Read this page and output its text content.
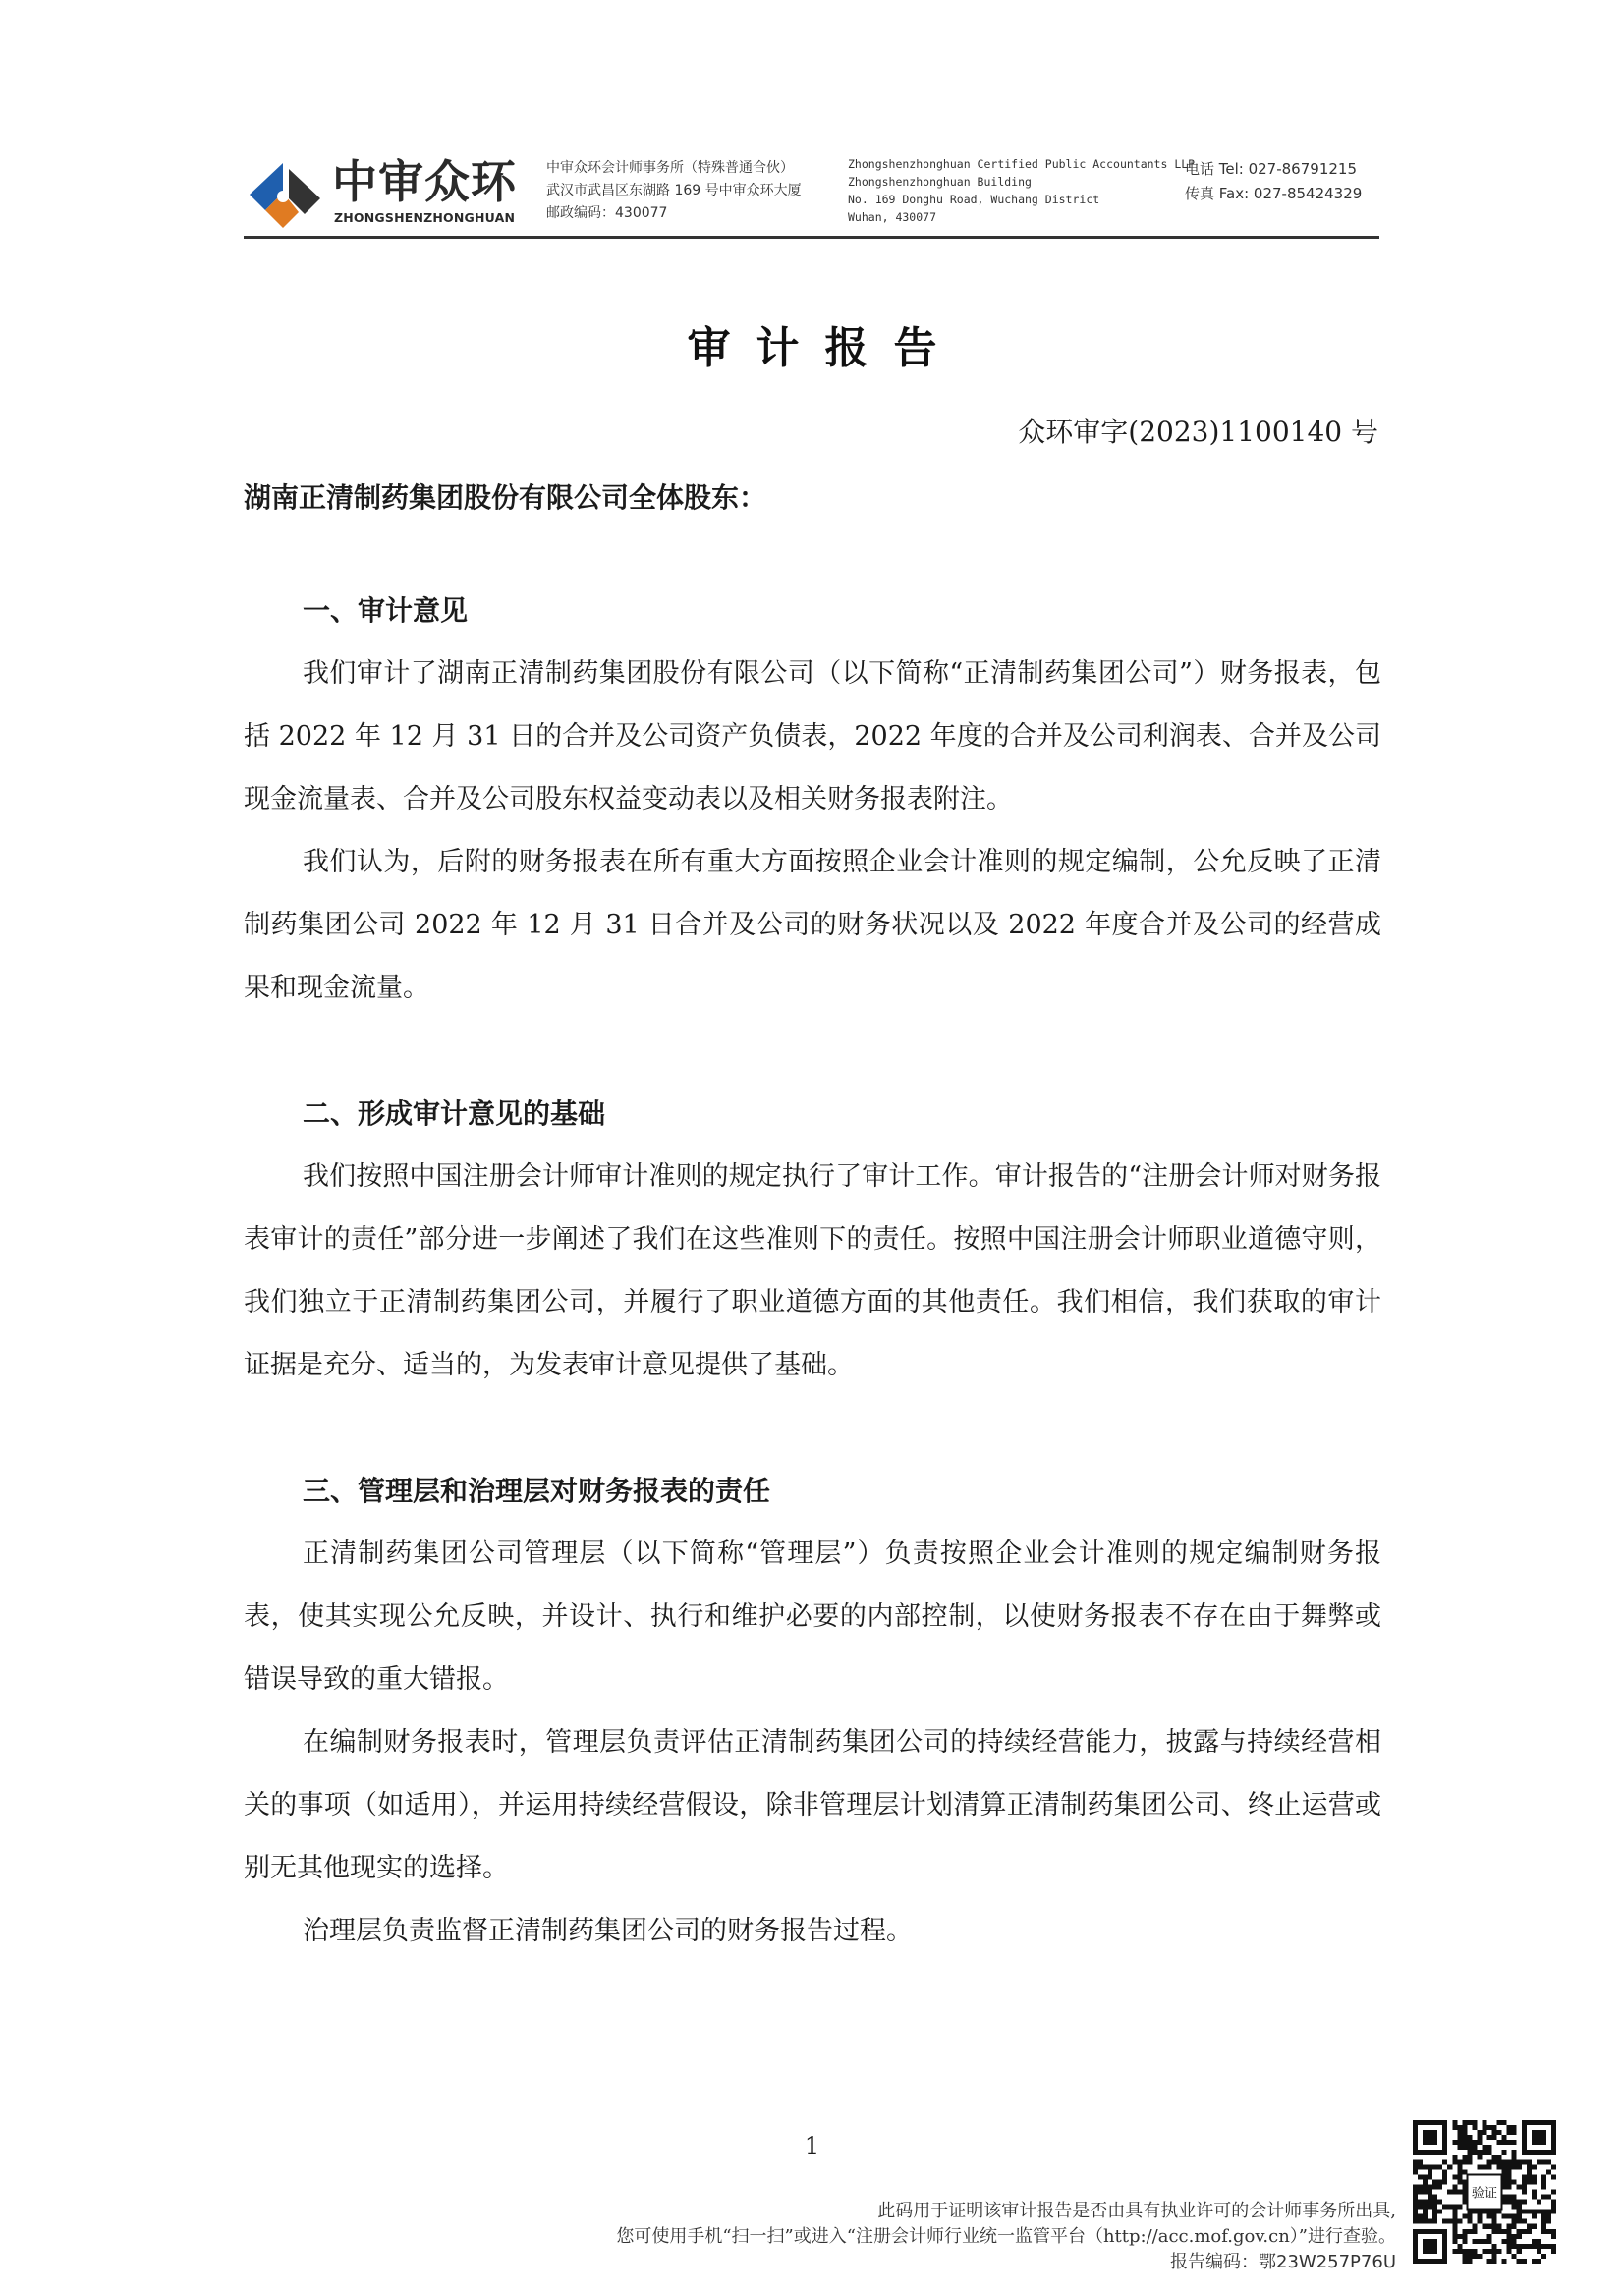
中审众环
ZHONGSHENZHONGHUAN
中审众环会计师事务所（特殊普通合伙）
武汉市武昌区东湖路 169 号中审众环大厦
邮政编码：430077
Zhongshenzhonghuan Certified Public Accountants LLP
Zhongshenzhonghuan Building
No. 169 Donghu Road, Wuchang District
Wuhan, 430077
电话 Tel: 027-86791215
传真 Fax: 027-85424329
审计报告
众环审字(2023)1100140 号
湖南正清制药集团股份有限公司全体股东：

一、审计意见

我们审计了湖南正清制药集团股份有限公司（以下简称“正清制药集团公司”）财务报表，包括 2022 年 12 月 31 日的合并及公司资产负债表，2022 年度的合并及公司利润表、合并及公司现金流量表、合并及公司股东权益变动表以及相关财务报表附注。

我们认为，后附的财务报表在所有重大方面按照企业会计准则的规定编制，公允反映了正清制药集团公司 2022 年 12 月 31 日合并及公司的财务状况以及 2022 年度合并及公司的经营成果和现金流量。

二、形成审计意见的基础

我们按照中国注册会计师审计准则的规定执行了审计工作。审计报告的“注册会计师对财务报表审计的责任”部分进一步阐述了我们在这些准则下的责任。按照中国注册会计师职业道德守则，我们独立于正清制药集团公司，并履行了职业道德方面的其他责任。我们相信，我们获取的审计证据是充分、适当的，为发表审计意见提供了基础。

三、管理层和治理层对财务报表的责任

正清制药集团公司管理层（以下简称“管理层”）负责按照企业会计准则的规定编制财务报表，使其实现公允反映，并设计、执行和维护必要的内部控制，以使财务报表不存在由于舞弊或错误导致的重大错报。

在编制财务报表时，管理层负责评估正清制药集团公司的持续经营能力，披露与持续经营相关的事项（如适用），并运用持续经营假设，除非管理层计划清算正清制药集团公司、终止运营或别无其他现实的选择。

治理层负责监督正清制药集团公司的财务报告过程。

1
此码用于证明该审计报告是否由具有执业许可的会计师事务所出具,
您可使用手机“扫一扫”或进入“注册会计师行业统一监管平台（http://acc.mof.gov.cn）”进行查验。
报告编码：鄂23W257P76U
验证
